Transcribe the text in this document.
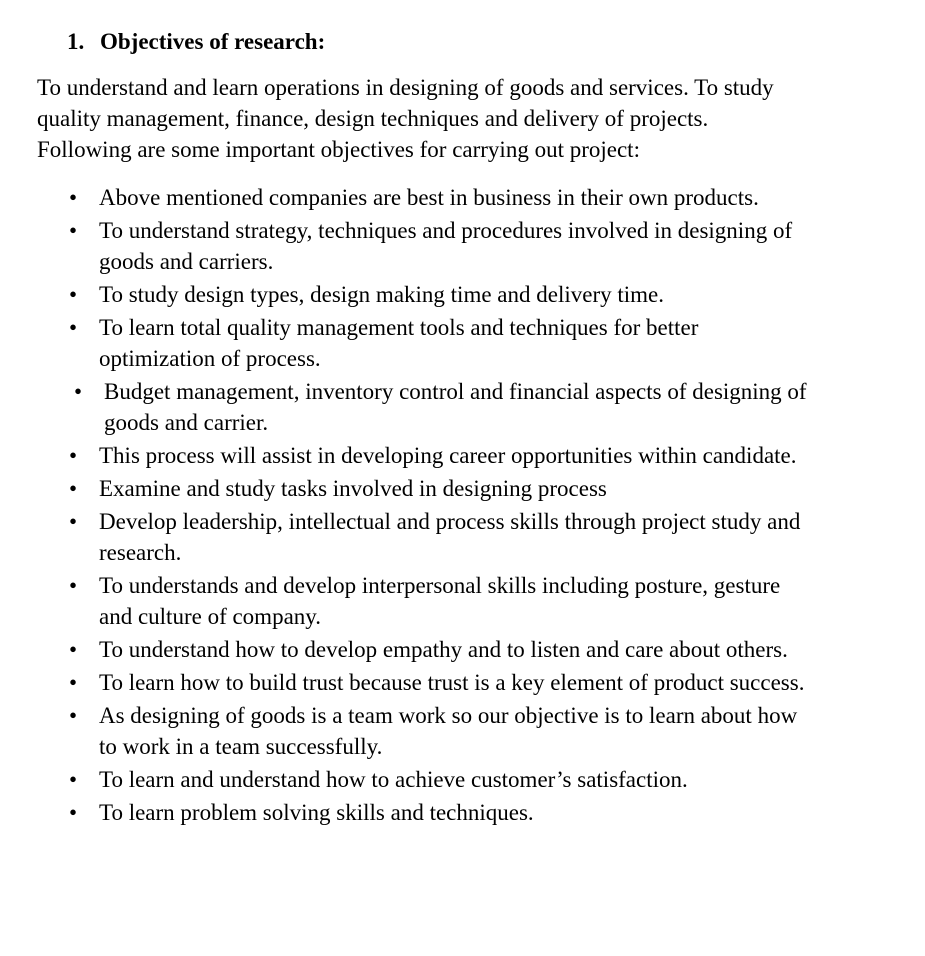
1. Objectives of research:

To understand and learn operations in designing of goods and services. To study

quality management, finance, design techniques and delivery of projects.

Following are some important objectives for carrying out project:

• Above mentioned companies are best in business in their own products.
• To understand strategy, techniques and procedures involved in designing of
goods and carriers.
• To study design types, design making time and delivery time.
• To learn total quality management tools and techniques for better
optimization of process.
• Budget management, inventory control and financial aspects of designing of
goods and carrier.
• This process will assist in developing career opportunities within candidate.
• Examine and study tasks involved in designing process
• Develop leadership, intellectual and process skills through project study and
research.
• To understands and develop interpersonal skills including posture, gesture
and culture of company.
• To understand how to develop empathy and to listen and care about others.
• To learn how to build trust because trust is a key element of product success.
• As designing of goods is a team work so our objective is to learn about how
to work in a team successfully.
• To learn and understand how to achieve customer’s satisfaction.
• To learn problem solving skills and techniques.
